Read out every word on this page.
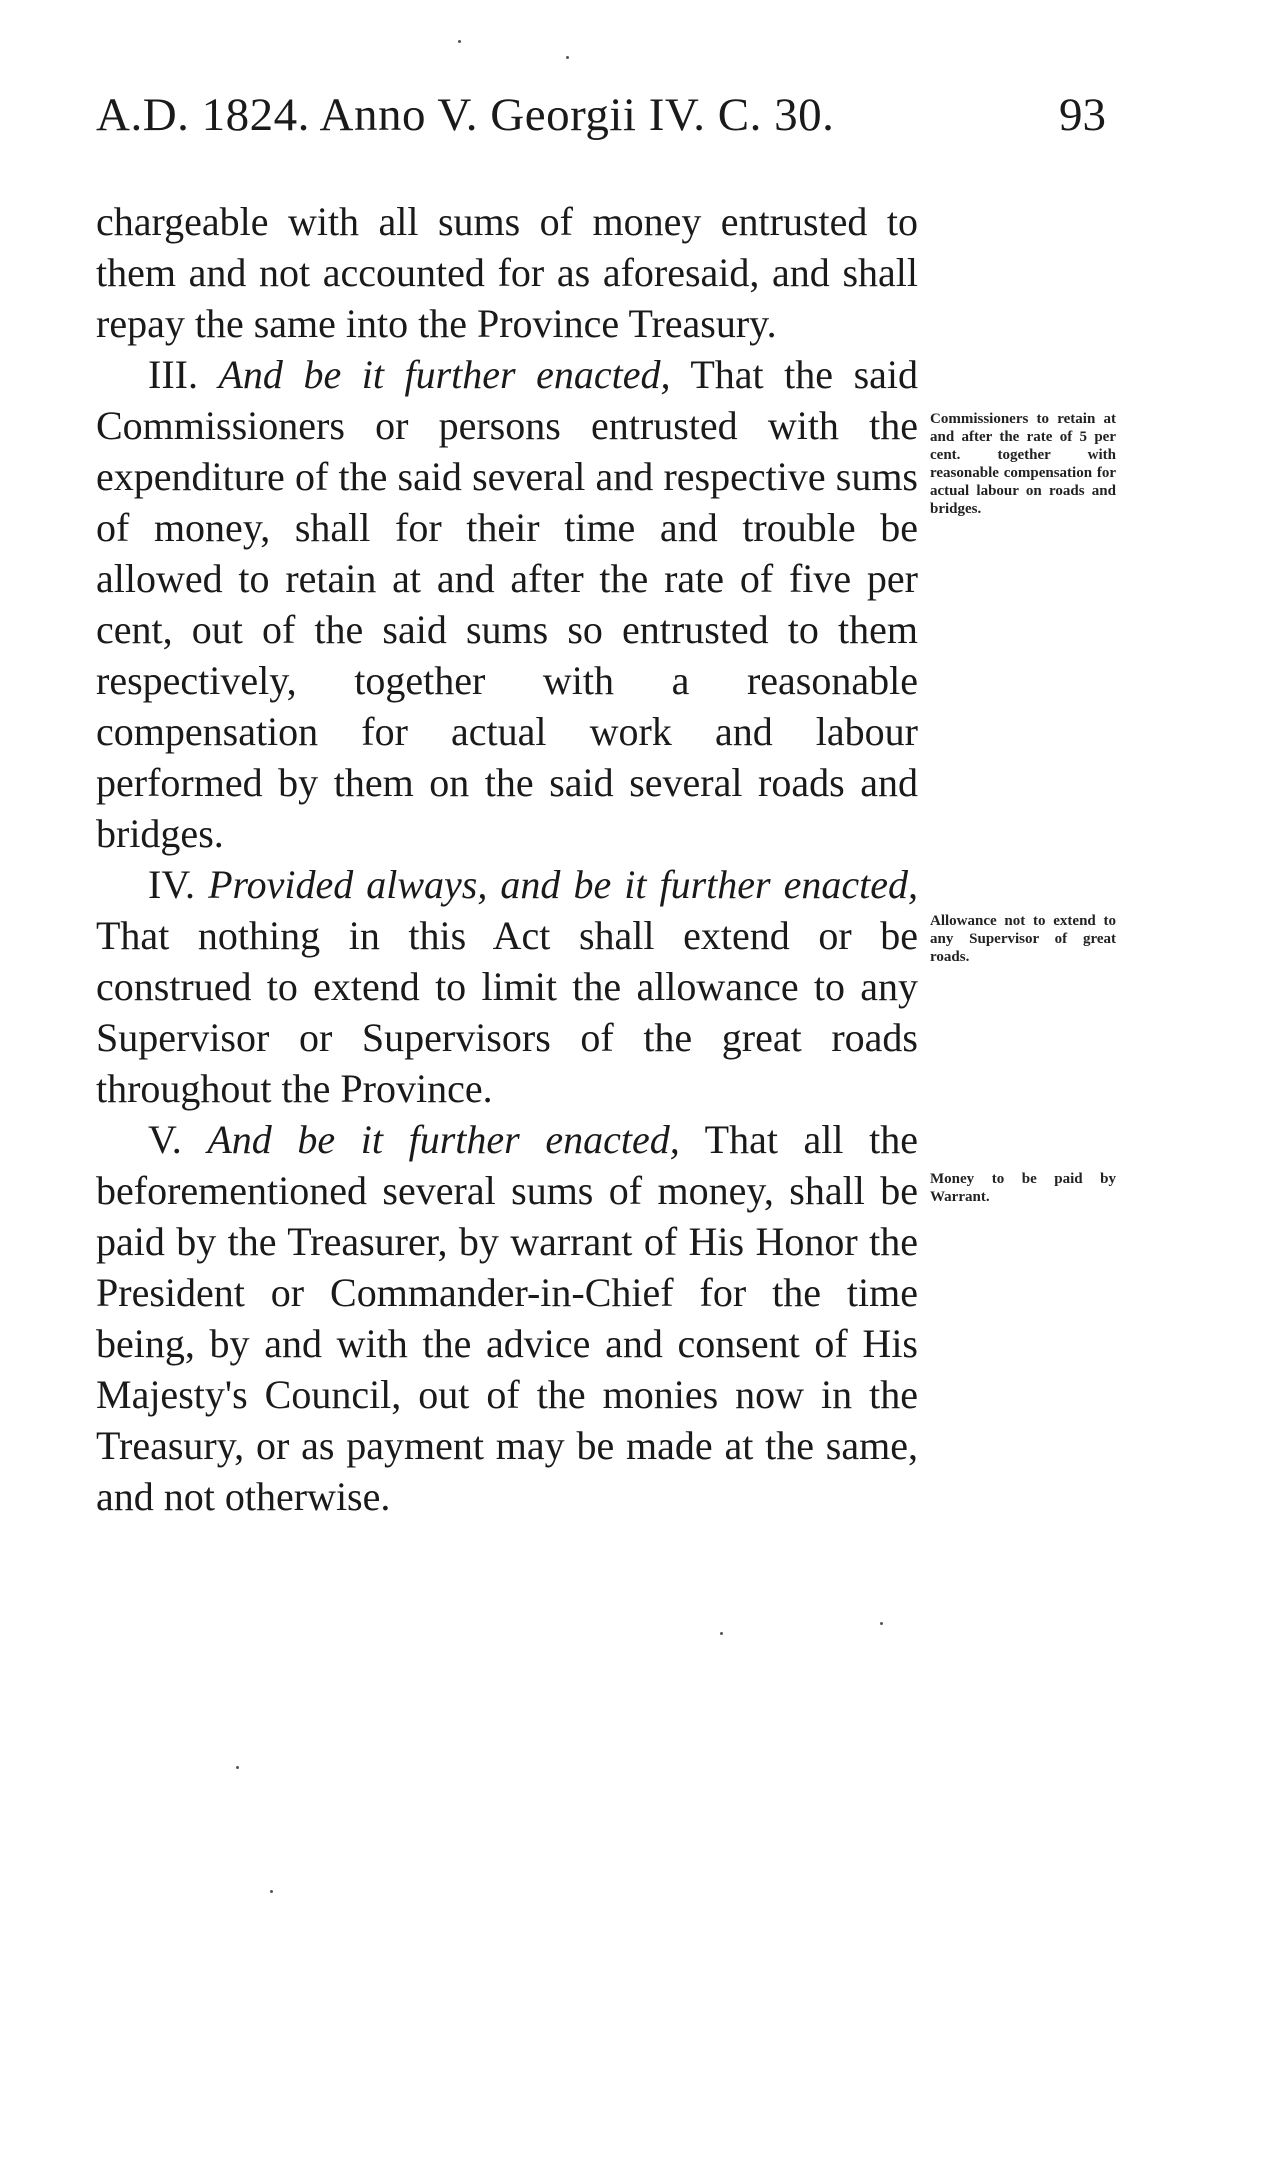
A.D. 1824. Anno V. Georgii IV. C. 30.	93

chargeable with all sums of money entrusted to them and not accounted for as aforesaid, and shall repay the same into the Province Treasury.

III. And be it further enacted, That the said Commissioners or persons entrusted with the expenditure of the said several and respective sums of money, shall for their time and trouble be allowed to retain at and after the rate of five per cent, out of the said sums so entrusted to them respectively, together with a reasonable compensation for actual work and labour performed by them on the said several roads and bridges.

IV. Provided always, and be it further enacted, That nothing in this Act shall extend or be construed to extend to limit the allowance to any Supervisor or Supervisors of the great roads throughout the Province.

V. And be it further enacted, That all the beforementioned several sums of money, shall be paid by the Treasurer, by warrant of His Honor the President or Commander-in-Chief for the time being, by and with the advice and consent of His Majesty's Council, out of the monies now in the Treasury, or as payment may be made at the same, and not otherwise.

Commissioners to retain at and after the rate of 5 per cent. together with reasonable compensation for actual labour on roads and bridges.
Allowance not to extend to any Supervisor of great roads.
Money to be paid by Warrant.
